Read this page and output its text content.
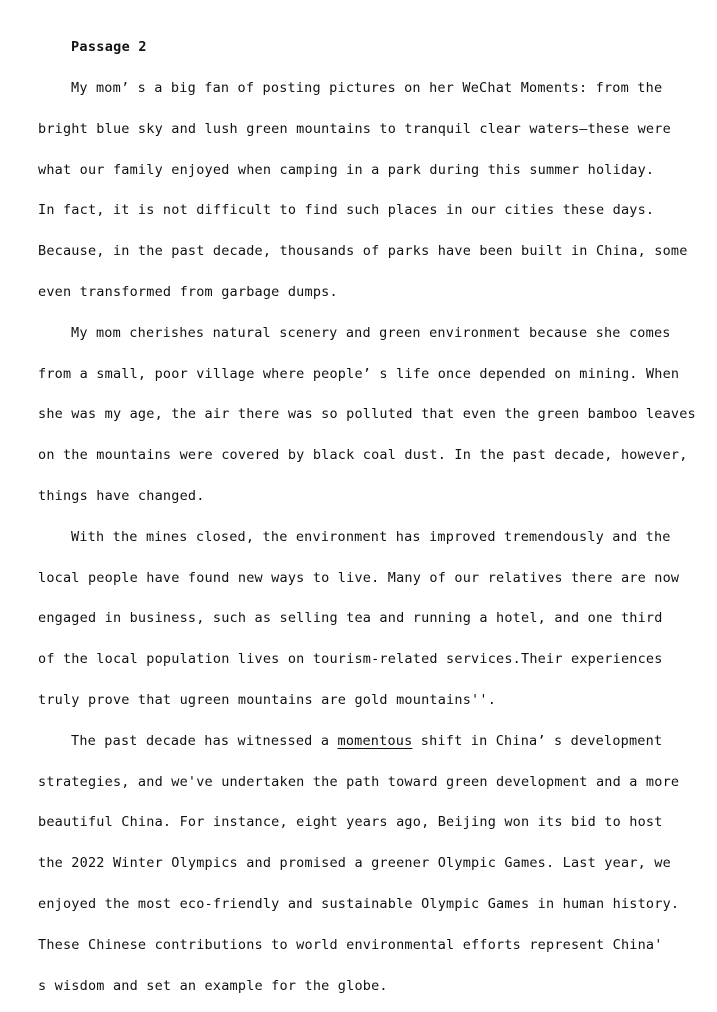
Passage 2
My mom’ s a big fan of posting pictures on her WeChat Moments: from the
bright blue sky and lush green mountains to tranquil clear waters—these were
what our family enjoyed when camping in a park during this summer holiday.
In fact, it is not difficult to find such places in our cities these days.
Because, in the past decade, thousands of parks have been built in China, some
even transformed from garbage dumps.
My mom cherishes natural scenery and green environment because she comes
from a small, poor village where people’ s life once depended on mining. When
she was my age, the air there was so polluted that even the green bamboo leaves
on the mountains were covered by black coal dust. In the past decade, however,
things have changed.
With the mines closed, the environment has improved tremendously and the
local people have found new ways to live. Many of our relatives there are now
engaged in business, such as selling tea and running a hotel, and one third
of the local population lives on tourism-related services.Their experiences
truly prove that ugreen mountains are gold mountains''.
The past decade has witnessed a momentous shift in China’ s development
strategies, and we've undertaken the path toward green development and a more
beautiful China. For instance, eight years ago, Beijing won its bid to host
the 2022 Winter Olympics and promised a greener Olympic Games. Last year, we
enjoyed the most eco-friendly and sustainable Olympic Games in human history.
These Chinese contributions to world environmental efforts represent China'
s wisdom and set an example for the globe.
